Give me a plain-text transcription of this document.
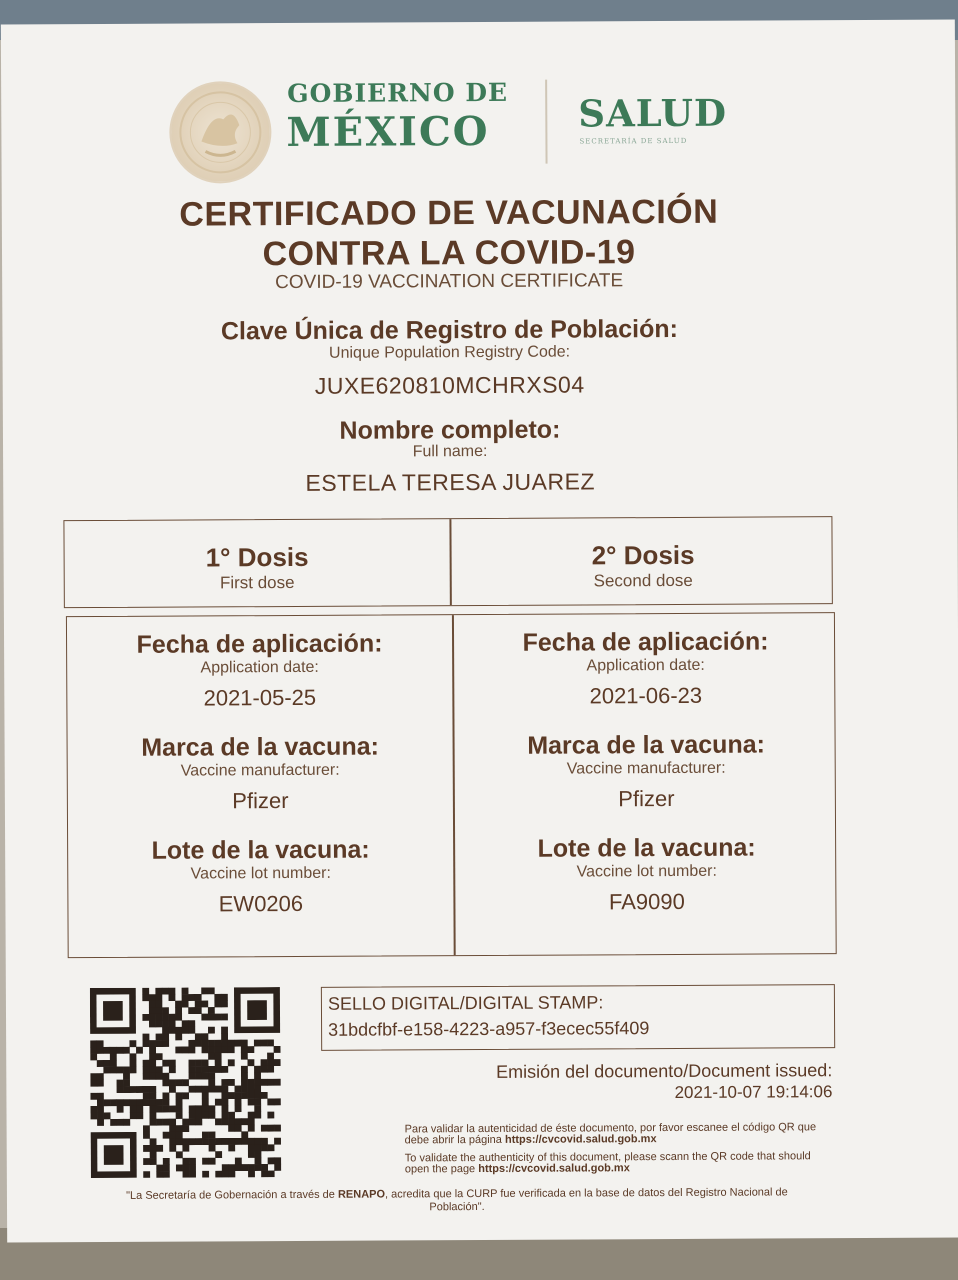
GOBIERNO DE
MÉXICO SALUD
SECRETARÍA DE SALUD
CERTIFICADO DE VACUNACIÓN
CONTRA LA COVID-19
COVID-19 VACCINATION CERTIFICATE
Clave Única de Registro de Población:
Unique Population Registry Code:
JUXE620810MCHRXS04
Nombre completo:
Full name:
ESTELA TERESA JUAREZ
1° Dosis
First dose
2° Dosis
Second dose
Fecha de aplicación:
Application date:
2021-05-25
Marca de la vacuna:
Vaccine manufacturer:
Pfizer
Lote de la vacuna:
Vaccine lot number:
EW0206
Fecha de aplicación:
Application date:
2021-06-23
Marca de la vacuna:
Vaccine manufacturer:
Pfizer
Lote de la vacuna:
Vaccine lot number:
FA9090
SELLO DIGITAL/DIGITAL STAMP:
31bdcfbf-e158-4223-a957-f3ecec55f409
Emisión del documento/Document issued:
2021-10-07 19:14:06
Para validar la autenticidad de éste documento, por favor escanee el código QR que debe abrir la página https://cvcovid.salud.gob.mx
To validate the authenticity of this document, please scann the QR code that should open the page https://cvcovid.salud.gob.mx
"La Secretaría de Gobernación a través de RENAPO, acredita que la CURP fue verificada en la base de datos del Registro Nacional de Población".
